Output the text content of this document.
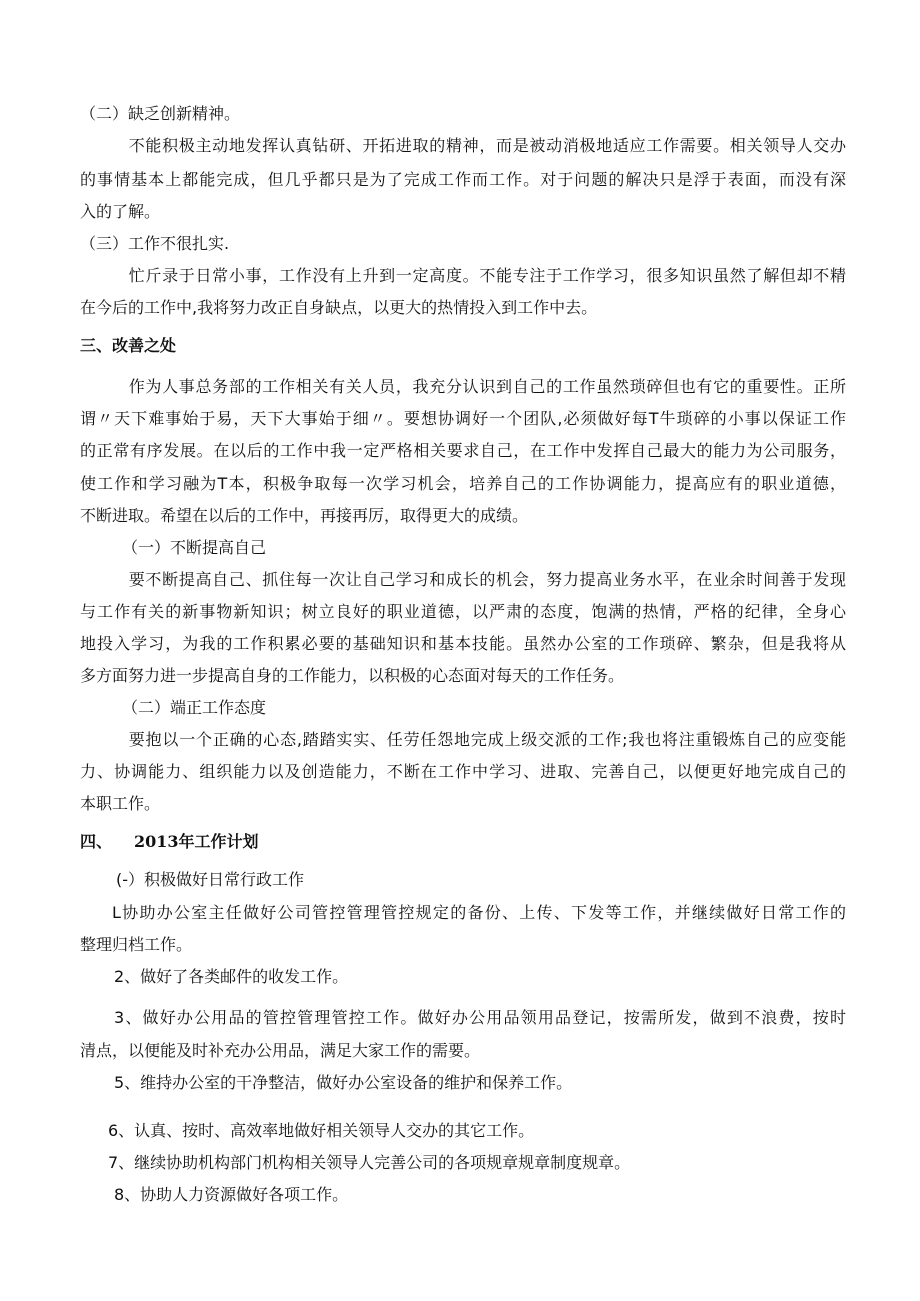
（二）缺乏创新精神。

不能积极主动地发挥认真钻研、开拓进取的精神，而是被动消极地适应工作需要。相关领导人交办

的事情基本上都能完成，但几乎都只是为了完成工作而工作。对于问题的解决只是浮于表面，而没有深

入的了解。

（三）工作不很扎实.

忙斤录于日常小事，工作没有上升到一定高度。不能专注于工作学习，很多知识虽然了解但却不精

在今后的工作中,我将努力改正自身缺点，以更大的热情投入到工作中去。

三、改善之处

作为人事总务部的工作相关有关人员，我充分认识到自己的工作虽然琐碎但也有它的重要性。正所

谓〃天下难事始于易，天下大事始于细〃。要想协调好一个团队,必须做好每Τ牛琐碎的小事以保证工作

的正常有序发展。在以后的工作中我一定严格相关要求自己，在工作中发挥自己最大的能力为公司服务，

使工作和学习融为Τ本，积极争取每一次学习机会，培养自己的工作协调能力，提高应有的职业道德，

不断进取。希望在以后的工作中，再接再厉，取得更大的成绩。

（一）不断提高自己

要不断提高自己、抓住每一次让自己学习和成长的机会，努力提高业务水平，在业余时间善于发现

与工作有关的新事物新知识；树立良好的职业道德，以严肃的态度，饱满的热情，严格的纪律，全身心

地投入学习，为我的工作积累必要的基础知识和基本技能。虽然办公室的工作琐碎、繁杂，但是我将从

多方面努力进一步提高自身的工作能力，以积极的心态面对每天的工作任务。

（二）端正工作态度

要抱以一个正确的心态,踏踏实实、任劳任怨地完成上级交派的工作;我也将注重锻炼自己的应变能

力、协调能力、组织能力以及创造能力，不断在工作中学习、进取、完善自己，以便更好地完成自己的

本职工作。

四、 2013年工作计划

(-）积极做好日常行政工作

L协助办公室主任做好公司管控管理管控规定的备份、上传、下发等工作，并继续做好日常工作的

整理归档工作。

2、做好了各类邮件的收发工作。

3、做好办公用品的管控管理管控工作。做好办公用品领用品登记，按需所发，做到不浪费，按时

清点，以便能及时补充办公用品，满足大家工作的需要。

5、维持办公室的干净整洁，做好办公室设备的维护和保养工作。

6、认真、按时、高效率地做好相关领导人交办的其它工作。

7、继续协助机构部门机构相关领导人完善公司的各项规章规章制度规章。

8、协助人力资源做好各项工作。
